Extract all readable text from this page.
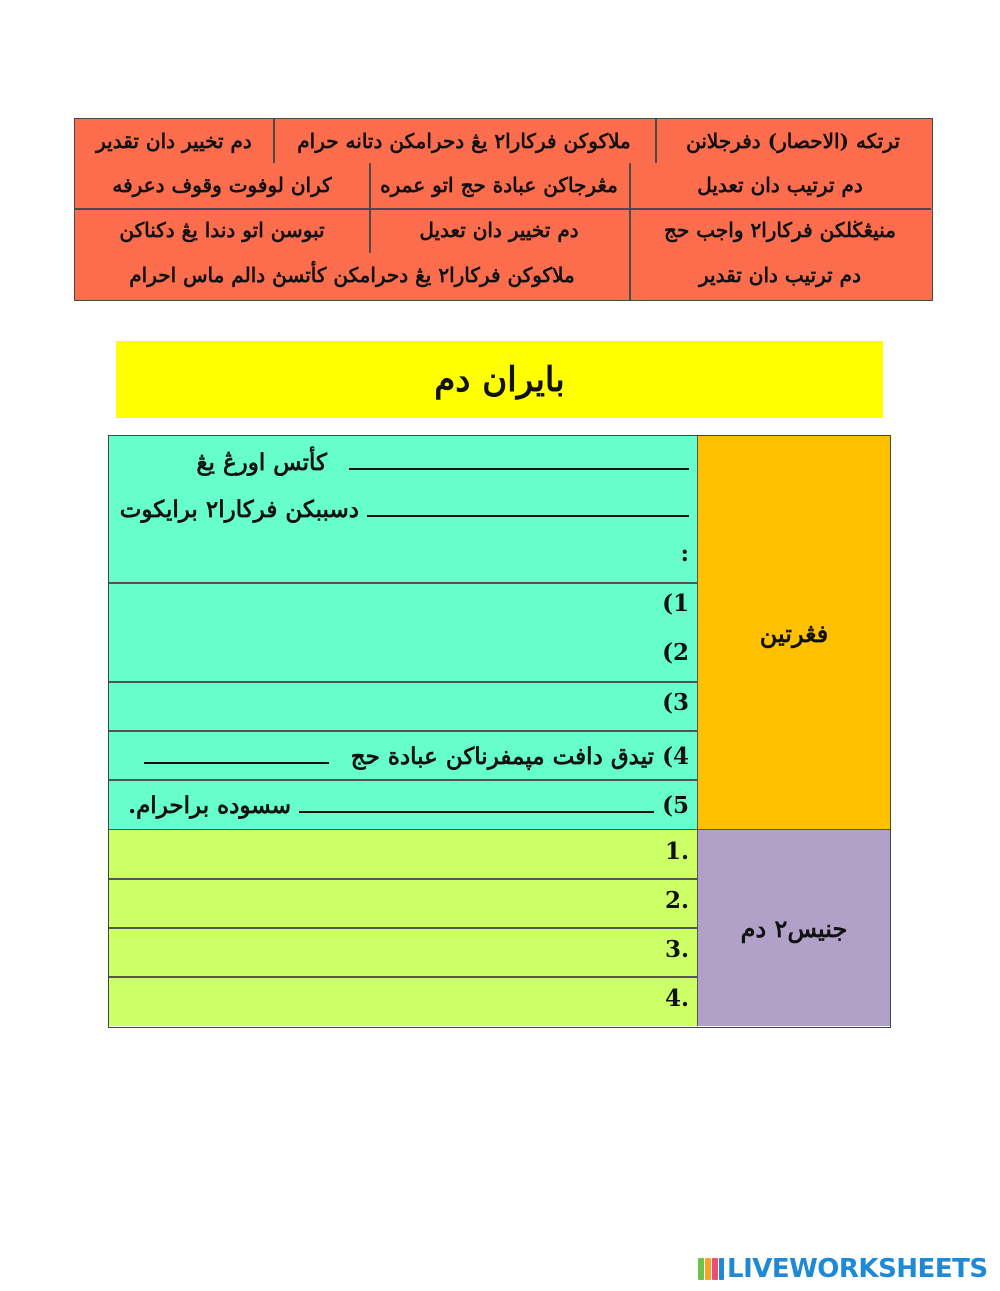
ترتكه (الاحصار) دفرجلانن
ملاكوكن فركارا٢ يڠ دحرامكن دتانه حرام
دم تخيير دان تقدير
دم ترتيب دان تعديل
مڠرجاكن عبادة حج اتو عمره
كران لوفوت وقوف دعرفه
منيڠڬلكن فركارا٢ واجب حج
دم تخيير دان تعديل
تبوسن اتو دندا يڠ دكناكن
دم ترتيب دان تقدير
ملاكوكن فركارا٢ يڠ دحرامكن كأتسڽ دالم ماس احرام
بايران دم
كأتس اورڠ يڠ
دسببكن فركارا٢ برايكوت
:
1)
2)
3)
4) تيدق دافت مپمفرناكن عبادة حج
5)  سسوده براحرام.
فڠرتين
.1
.2
.3
.4
جنيس٢ دم
LIVEWORKSHEETS
